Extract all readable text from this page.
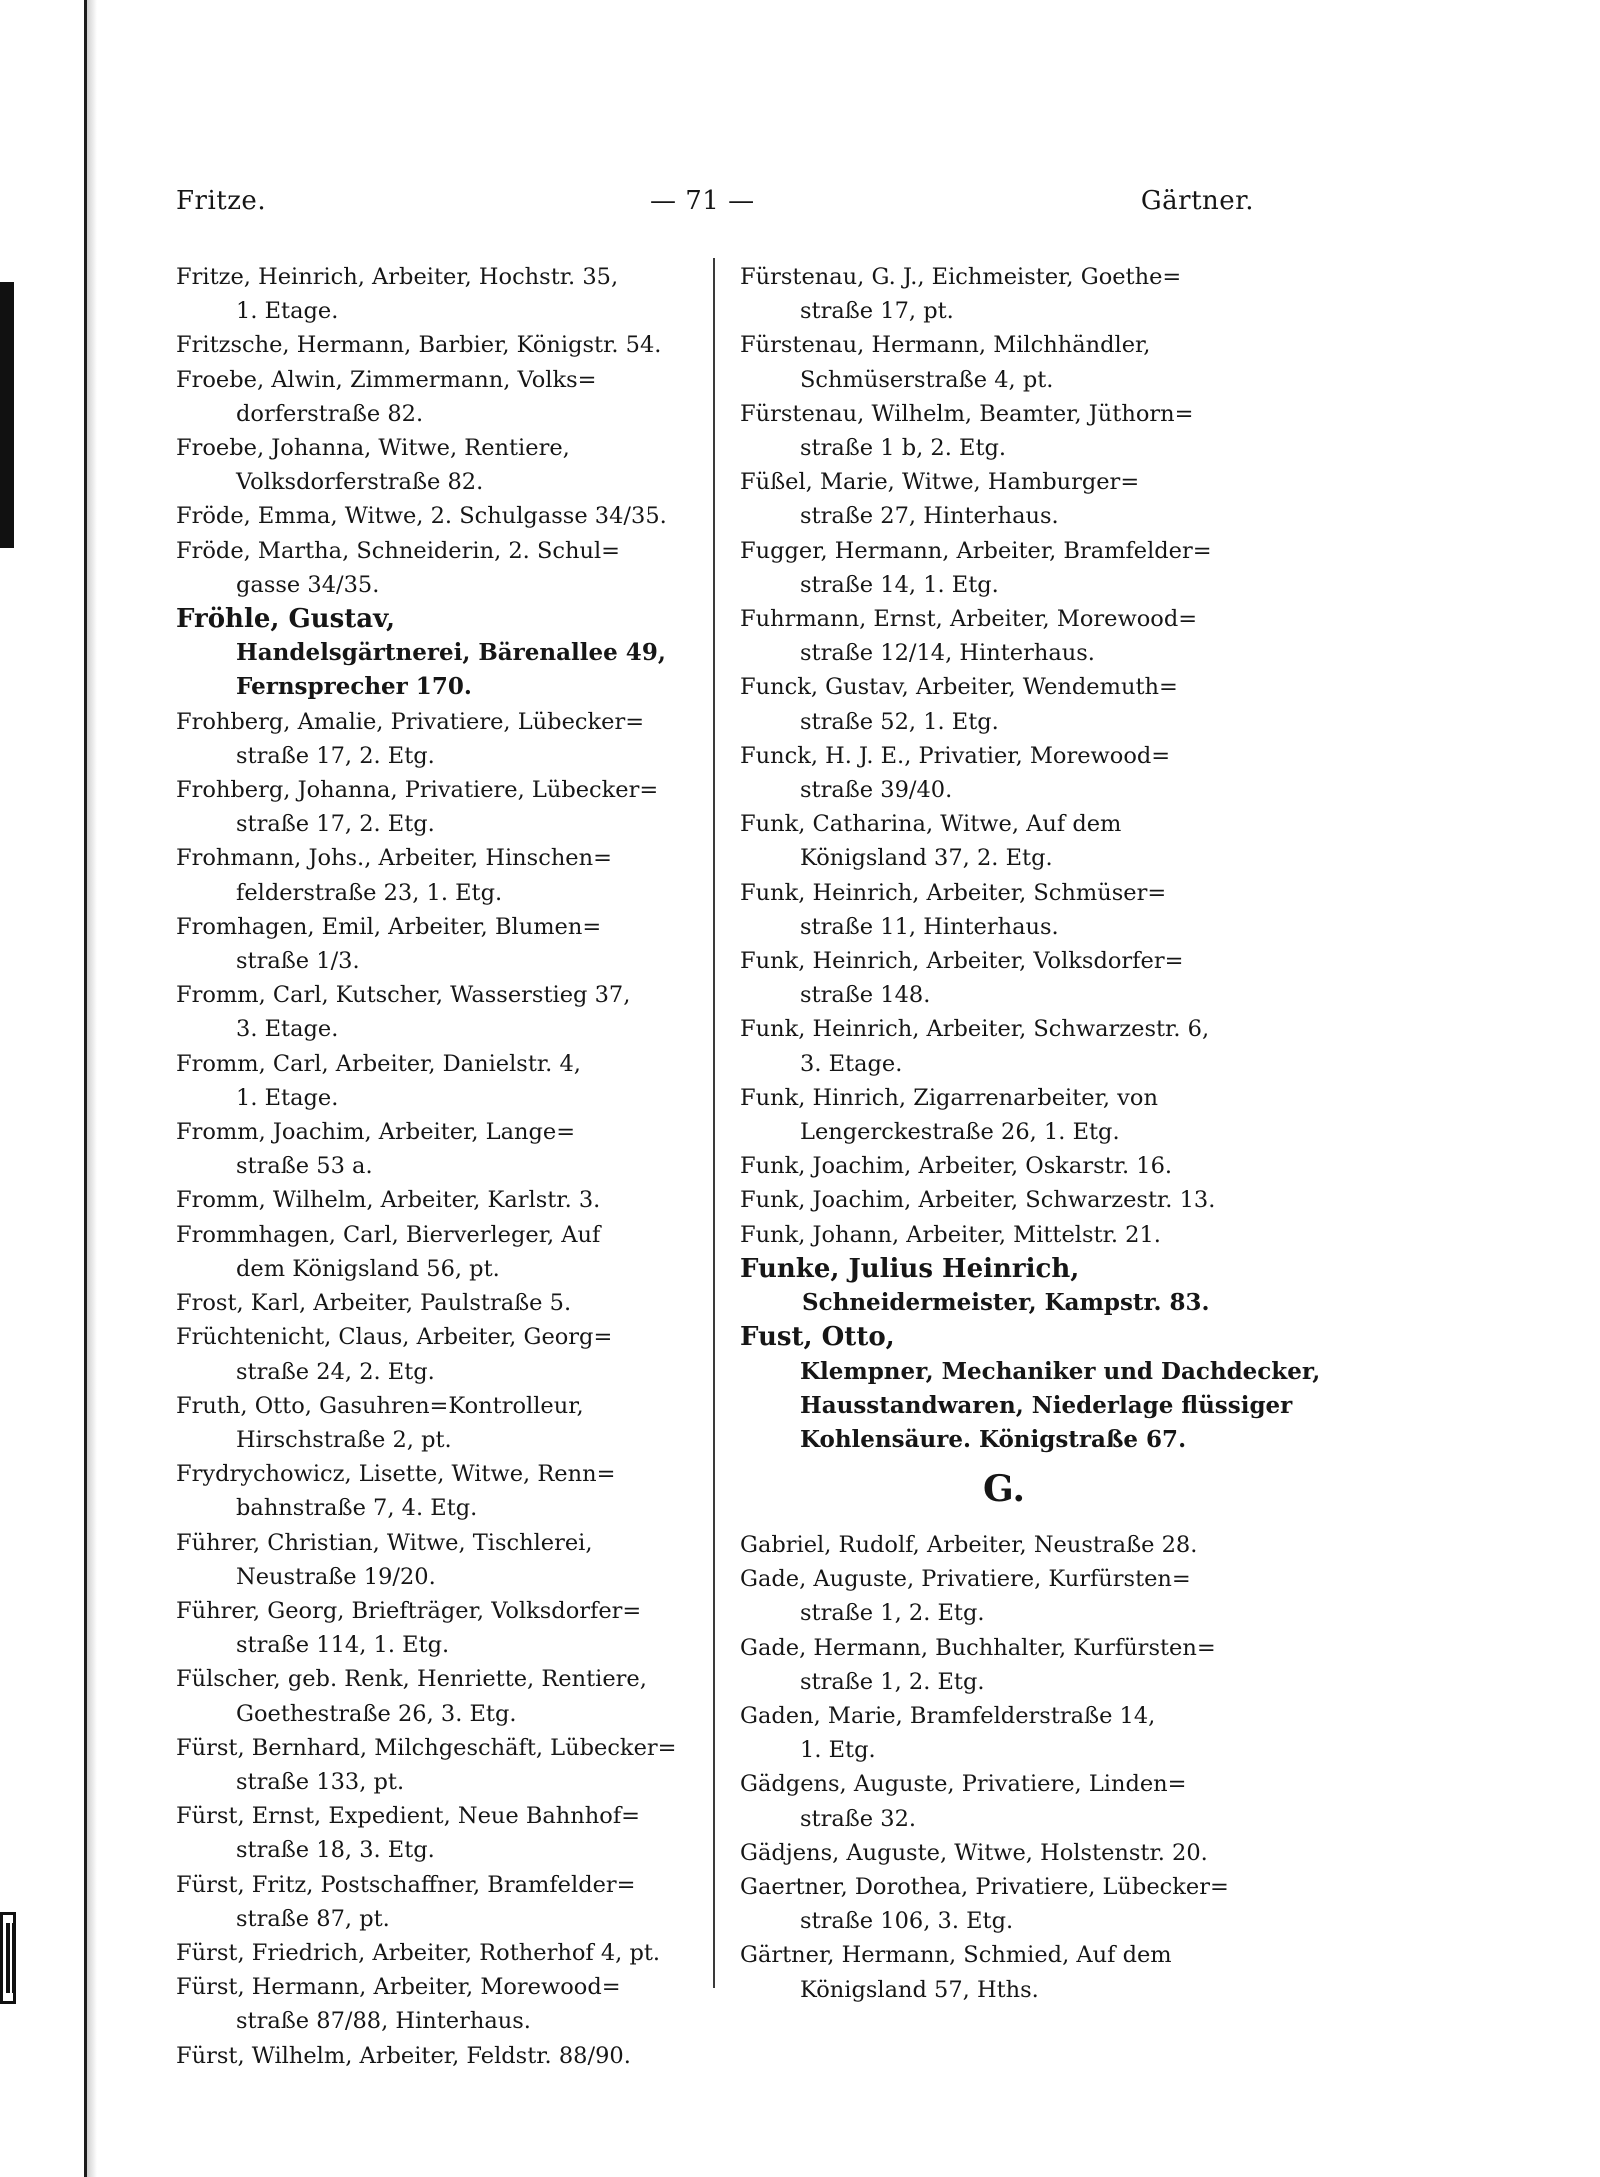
Fritze.	— 71 —	Gärtner.
Fritze, Heinrich, Arbeiter, Hochstr. 35,
1. Etage.
Fritzsche, Hermann, Barbier, Königstr. 54.
Froebe, Alwin, Zimmermann, Volks=
dorferstraße 82.
Froebe, Johanna, Witwe, Rentiere,
Volksdorferstraße 82.
Fröde, Emma, Witwe, 2. Schulgasse 34/35.
Fröde, Martha, Schneiderin, 2. Schul=
gasse 34/35.
Fröhle, Gustav,
Handelsgärtnerei, Bärenallee 49,
Fernsprecher 170.
Frohberg, Amalie, Privatiere, Lübecker=
straße 17, 2. Etg.
Frohberg, Johanna, Privatiere, Lübecker=
straße 17, 2. Etg.
Frohmann, Johs., Arbeiter, Hinschen=
felderstraße 23, 1. Etg.
Fromhagen, Emil, Arbeiter, Blumen=
straße 1/3.
Fromm, Carl, Kutscher, Wasserstieg 37,
3. Etage.
Fromm, Carl, Arbeiter, Danielstr. 4,
1. Etage.
Fromm, Joachim, Arbeiter, Lange=
straße 53 a.
Fromm, Wilhelm, Arbeiter, Karlstr. 3.
Frommhagen, Carl, Bierverleger, Auf
dem Königsland 56, pt.
Frost, Karl, Arbeiter, Paulstraße 5.
Früchtenicht, Claus, Arbeiter, Georg=
straße 24, 2. Etg.
Fruth, Otto, Gasuhren=Kontrolleur,
Hirschstraße 2, pt.
Frydrychowicz, Lisette, Witwe, Renn=
bahnstraße 7, 4. Etg.
Führer, Christian, Witwe, Tischlerei,
Neustraße 19/20.
Führer, Georg, Briefträger, Volksdorfer=
straße 114, 1. Etg.
Fülscher, geb. Renk, Henriette, Rentiere,
Goethestraße 26, 3. Etg.
Fürst, Bernhard, Milchgeschäft, Lübecker=
straße 133, pt.
Fürst, Ernst, Expedient, Neue Bahnhof=
straße 18, 3. Etg.
Fürst, Fritz, Postschaffner, Bramfelder=
straße 87, pt.
Fürst, Friedrich, Arbeiter, Rotherhof 4, pt.
Fürst, Hermann, Arbeiter, Morewood=
straße 87/88, Hinterhaus.
Fürst, Wilhelm, Arbeiter, Feldstr. 88/90.
Fürstenau, G. J., Eichmeister, Goethe=
straße 17, pt.
Fürstenau, Hermann, Milchhändler,
Schmüserstraße 4, pt.
Fürstenau, Wilhelm, Beamter, Jüthorn=
straße 1 b, 2. Etg.
Füßel, Marie, Witwe, Hamburger=
straße 27, Hinterhaus.
Fugger, Hermann, Arbeiter, Bramfelder=
straße 14, 1. Etg.
Fuhrmann, Ernst, Arbeiter, Morewood=
straße 12/14, Hinterhaus.
Funck, Gustav, Arbeiter, Wendemuth=
straße 52, 1. Etg.
Funck, H. J. E., Privatier, Morewood=
straße 39/40.
Funk, Catharina, Witwe, Auf dem
Königsland 37, 2. Etg.
Funk, Heinrich, Arbeiter, Schmüser=
straße 11, Hinterhaus.
Funk, Heinrich, Arbeiter, Volksdorfer=
straße 148.
Funk, Heinrich, Arbeiter, Schwarzestr. 6,
3. Etage.
Funk, Hinrich, Zigarrenarbeiter, von
Lengerckestraße 26, 1. Etg.
Funk, Joachim, Arbeiter, Oskarstr. 16.
Funk, Joachim, Arbeiter, Schwarzestr. 13.
Funk, Johann, Arbeiter, Mittelstr. 21.
Funke, Julius Heinrich,
Schneidermeister, Kampstr. 83.
Fust, Otto,
Klempner, Mechaniker und Dachdecker,
Hausstandwaren, Niederlage flüssiger
Kohlensäure. Königstraße 67.
Gabriel, Rudolf, Arbeiter, Neustraße 28.
Gade, Auguste, Privatiere, Kurfürsten=
straße 1, 2. Etg.
Gade, Hermann, Buchhalter, Kurfürsten=
straße 1, 2. Etg.
Gaden, Marie, Bramfelderstraße 14,
1. Etg.
Gädgens, Auguste, Privatiere, Linden=
straße 32.
Gädjens, Auguste, Witwe, Holstenstr. 20.
Gaertner, Dorothea, Privatiere, Lübecker=
straße 106, 3. Etg.
Gärtner, Hermann, Schmied, Auf dem
Königsland 57, Hths.
G.
